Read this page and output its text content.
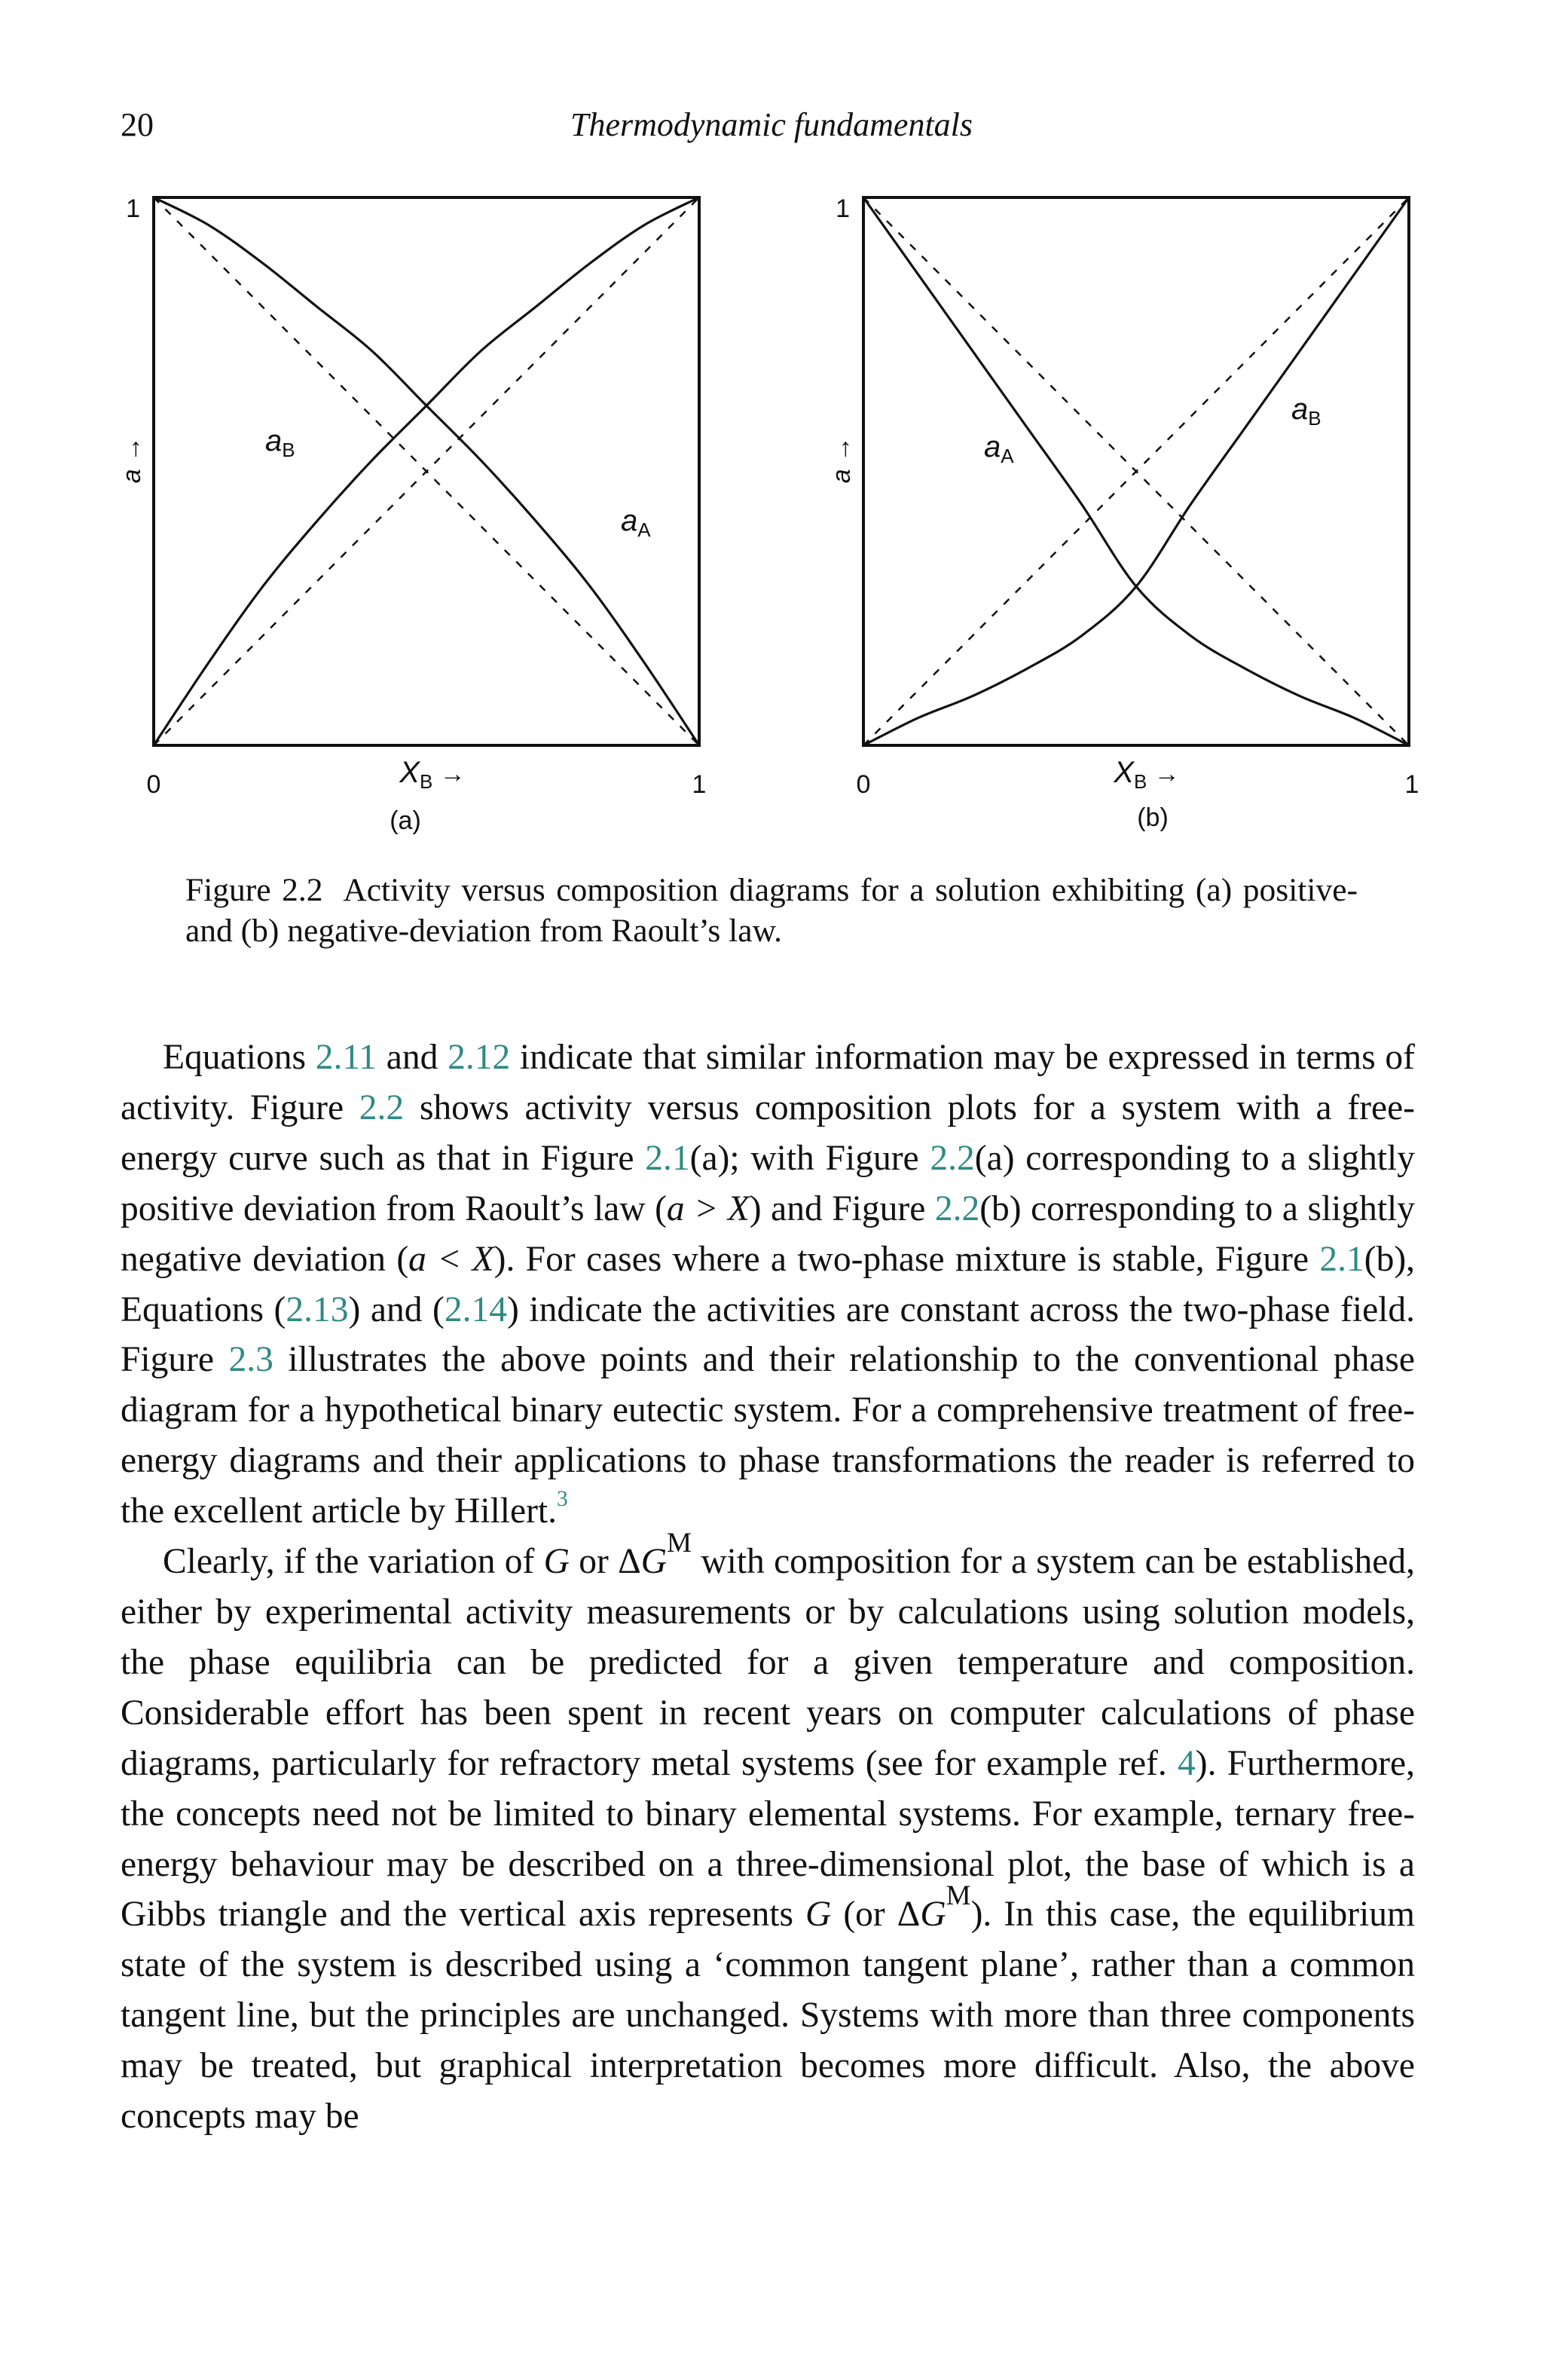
20	Thermodynamic fundamentals
1
0	1
a →
$X_B$ →
(a)
$a_B$
$a_A$
1
0	1
a →
$X_B$ →
(b)
$a_B$
$a_A$
Figure 2.2 Activity versus composition diagrams for a solution exhibiting (a) positive- and (b) negative-deviation from Raoult’s law.

Equations 2.11 and 2.12 indicate that similar information may be expressed in terms of activity. Figure 2.2 shows activity versus composition plots for a system with a free-energy curve such as that in Figure 2.1(a); with Figure 2.2(a) corresponding to a slightly positive deviation from Raoult’s law (a > X) and Figure 2.2(b) corresponding to a slightly negative deviation (a < X). For cases where a two-phase mixture is stable, Figure 2.1(b), Equations (2.13) and (2.14) indicate the activities are constant across the two-phase field. Figure 2.3 illustrates the above points and their relationship to the conventional phase diagram for a hypothetical binary eutectic system. For a comprehensive treatment of free-energy diagrams and their applications to phase transformations the reader is referred to the excellent article by Hillert.$^3$

Clearly, if the variation of G or $\Delta G^M$ with composition for a system can be established, either by experimental activity measurements or by calculations using solution models, the phase equilibria can be predicted for a given temperature and composition. Considerable effort has been spent in recent years on computer calculations of phase diagrams, particularly for refractory metal systems (see for example ref. 4). Furthermore, the concepts need not be limited to binary elemental systems. For example, ternary free-energy behaviour may be described on a three-dimensional plot, the base of which is a Gibbs triangle and the vertical axis represents G (or $\Delta G^M$). In this case, the equilibrium state of the system is described using a ‘common tangent plane’, rather than a common tangent line, but the principles are unchanged. Systems with more than three components may be treated, but graphical interpretation becomes more difficult. Also, the above concepts may be
